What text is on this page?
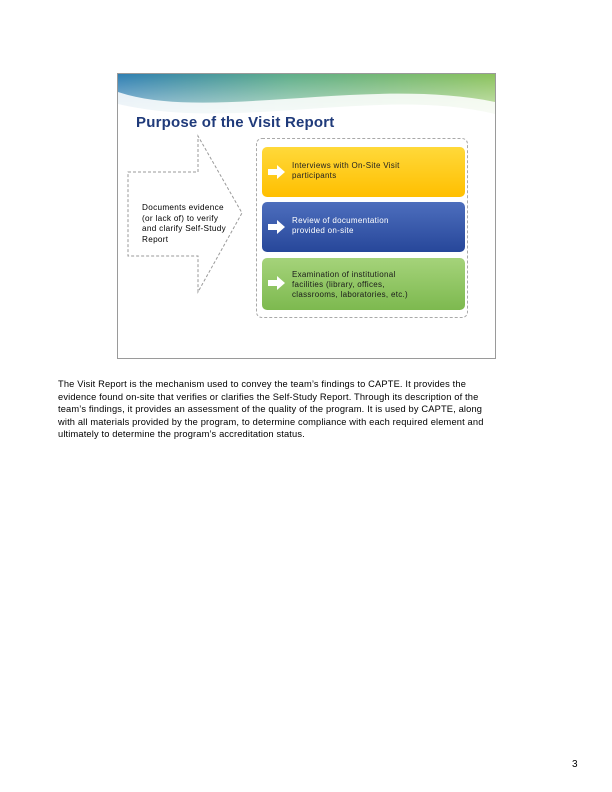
Purpose of the Visit Report
Documents evidence
(or lack of) to verify
and clarify Self-Study
Report
Interviews with On-Site Visit
participants
Review of documentation
provided on-site
Examination of institutional
facilities (library, offices,
classrooms, laboratories, etc.)

The Visit Report is the mechanism used to convey the team’s findings to CAPTE. It provides the

evidence found on-site that verifies or clarifies the Self-Study Report. Through its description of the

team’s findings, it provides an assessment of the quality of the program. It is used by CAPTE, along

with all materials provided by the program, to determine compliance with each required element and

ultimately to determine the program’s accreditation status.

3
